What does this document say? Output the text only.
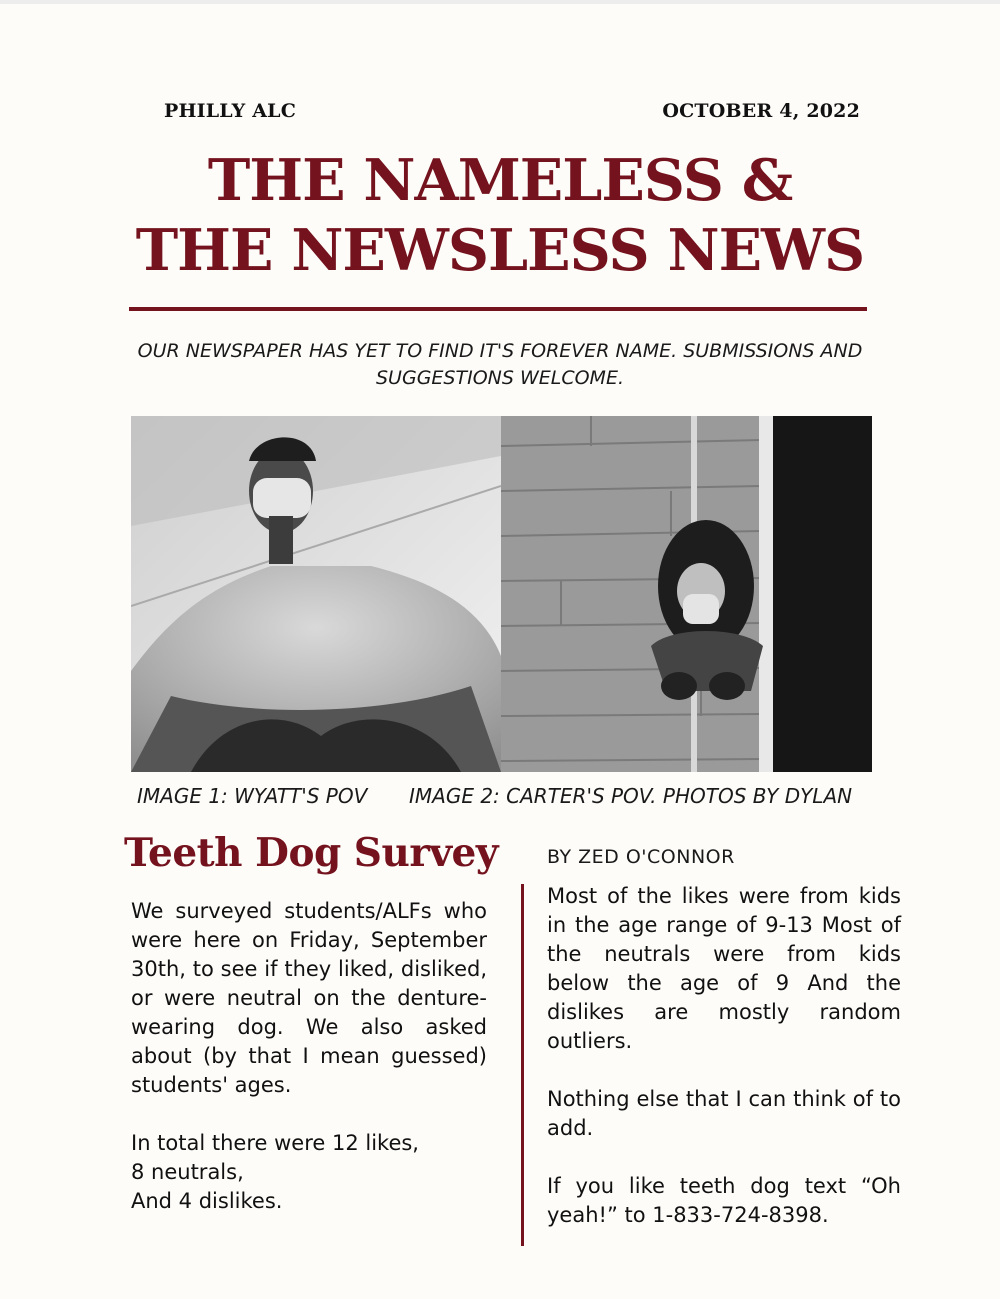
PHILLY ALC	OCTOBER 4, 2022
THE NAMELESS &
THE NEWSLESS NEWS
OUR NEWSPAPER HAS YET TO FIND IT'S FOREVER NAME. SUBMISSIONS AND SUGGESTIONS WELCOME.
IMAGE 1: WYATT'S POV IMAGE 2: CARTER'S POV. PHOTOS BY DYLAN
Teeth Dog Survey	BY ZED O'CONNOR

We surveyed students/ALFs who were here on Friday, September 30th, to see if they liked, disliked, or were neutral on the denture-wearing dog. We also asked about (by that I mean guessed) students' ages.

In total there were 12 likes,
8 neutrals,
And 4 dislikes.

Most of the likes were from kids in the age range of 9-13 Most of the neutrals were from kids below the age of 9 And the dislikes are mostly random outliers.

Nothing else that I can think of to add.

If you like teeth dog text “Oh yeah!” to 1-833-724-8398.
